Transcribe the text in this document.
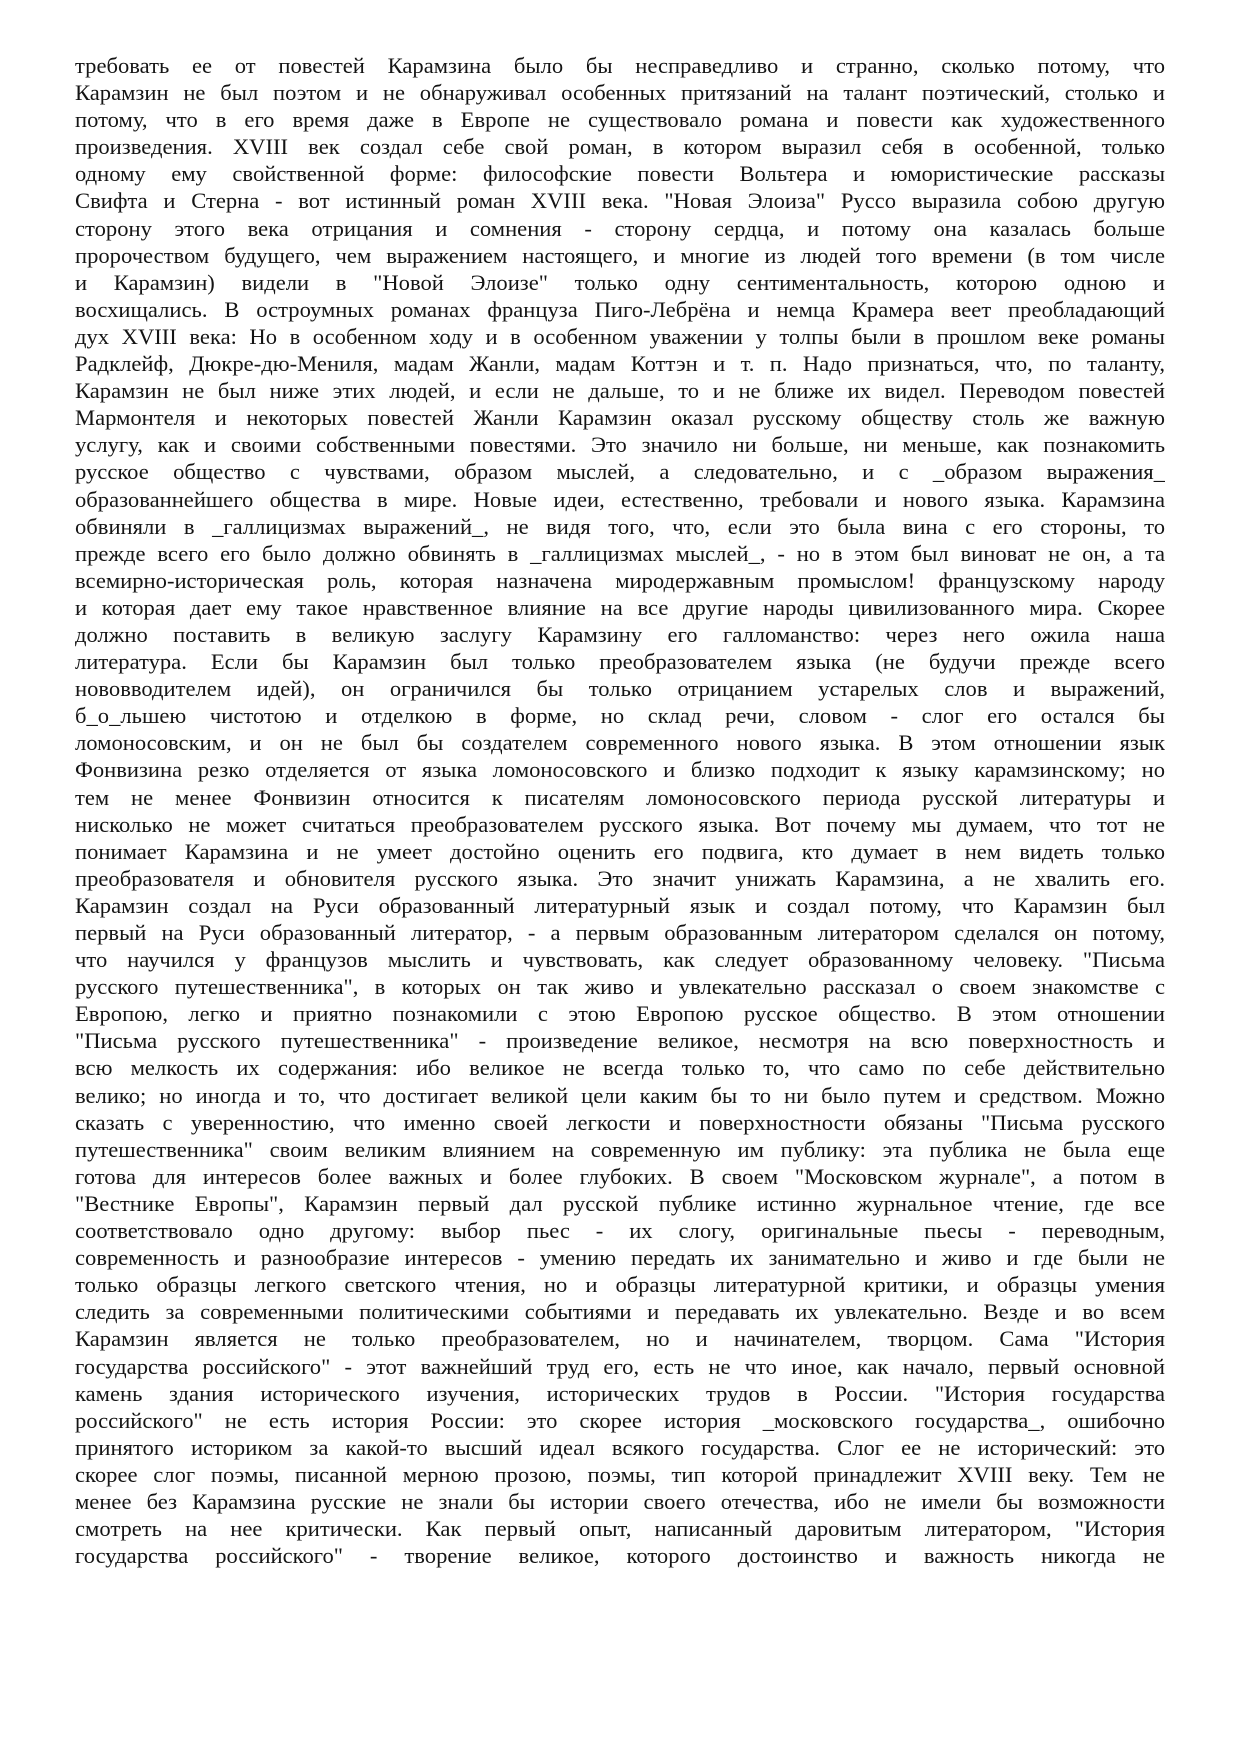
требовать ее от повестей Карамзина было бы несправедливо и странно, сколько потому, что
Карамзин не был поэтом и не обнаруживал особенных притязаний на талант поэтический, столько и
потому, что в его время даже в Европе не существовало романа и повести как художественного
произведения. XVIII век создал себе свой роман, в котором выразил себя в особенной, только
одному ему свойственной форме: философские повести Вольтера и юмористические рассказы
Свифта и Стерна - вот истинный роман XVIII века. "Новая Элоиза" Руссо выразила собою другую
сторону этого века отрицания и сомнения - сторону сердца, и потому она казалась больше
пророчеством будущего, чем выражением настоящего, и многие из людей того времени (в том числе
и Карамзин) видели в "Новой Элоизе" только одну сентиментальность, которою одною и
восхищались. В остроумных романах француза Пиго-Лебрёна и немца Крамера веет преобладающий
дух XVIII века: Но в особенном ходу и в особенном уважении у толпы были в прошлом веке романы
Радклейф, Дюкре-дю-Мениля, мадам Жанли, мадам Коттэн и т. п. Надо признаться, что, по таланту,
Карамзин не был ниже этих людей, и если не дальше, то и не ближе их видел. Переводом повестей
Мармонтеля и некоторых повестей Жанли Карамзин оказал русскому обществу столь же важную
услугу, как и своими собственными повестями. Это значило ни больше, ни меньше, как познакомить
русское общество с чувствами, образом мыслей, а следовательно, и с _образом выражения_
образованнейшего общества в мире. Новые идеи, естественно, требовали и нового языка. Карамзина
обвиняли в _галлицизмах выражений_, не видя того, что, если это была вина с его стороны, то
прежде всего его было должно обвинять в _галлицизмах мыслей_, - но в этом был виноват не он, а та
всемирно-историческая роль, которая назначена миродержавным промыслом! французскому народу
и которая дает ему такое нравственное влияние на все другие народы цивилизованного мира. Скорее
должно поставить в великую заслугу Карамзину его галломанство: через него ожила наша
литература. Если бы Карамзин был только преобразователем языка (не будучи прежде всего
нововводителем идей), он ограничился бы только отрицанием устарелых слов и выражений,
б_о_льшею чистотою и отделкою в форме, но склад речи, словом - слог его остался бы
ломоносовским, и он не был бы создателем современного нового языка. В этом отношении язык
Фонвизина резко отделяется от языка ломоносовского и близко подходит к языку карамзинскому; но
тем не менее Фонвизин относится к писателям ломоносовского периода русской литературы и
нисколько не может считаться преобразователем русского языка. Вот почему мы думаем, что тот не
понимает Карамзина и не умеет достойно оценить его подвига, кто думает в нем видеть только
преобразователя и обновителя русского языка. Это значит унижать Карамзина, а не хвалить его.
Карамзин создал на Руси образованный литературный язык и создал потому, что Карамзин был
первый на Руси образованный литератор, - а первым образованным литератором сделался он потому,
что научился у французов мыслить и чувствовать, как следует образованному человеку. "Письма
русского путешественника", в которых он так живо и увлекательно рассказал о своем знакомстве с
Европою, легко и приятно познакомили с этою Европою русское общество. В этом отношении
"Письма русского путешественника" - произведение великое, несмотря на всю поверхностность и
всю мелкость их содержания: ибо великое не всегда только то, что само по себе действительно
велико; но иногда и то, что достигает великой цели каким бы то ни было путем и средством. Можно
сказать с уверенностию, что именно своей легкости и поверхностности обязаны "Письма русского
путешественника" своим великим влиянием на современную им публику: эта публика не была еще
готова для интересов более важных и более глубоких. В своем "Московском журнале", а потом в
"Вестнике Европы", Карамзин первый дал русской публике истинно журнальное чтение, где все
соответствовало одно другому: выбор пьес - их слогу, оригинальные пьесы - переводным,
современность и разнообразие интересов - умению передать их занимательно и живо и где были не
только образцы легкого светского чтения, но и образцы литературной критики, и образцы умения
следить за современными политическими событиями и передавать их увлекательно. Везде и во всем
Карамзин является не только преобразователем, но и начинателем, творцом. Сама "История
государства российского" - этот важнейший труд его, есть не что иное, как начало, первый основной
камень здания исторического изучения, исторических трудов в России. "История государства
российского" не есть история России: это скорее история _московского государства_, ошибочно
принятого историком за какой-то высший идеал всякого государства. Слог ее не исторический: это
скорее слог поэмы, писанной мерною прозою, поэмы, тип которой принадлежит XVIII веку. Тем не
менее без Карамзина русские не знали бы истории своего отечества, ибо не имели бы возможности
смотреть на нее критически. Как первый опыт, написанный даровитым литератором, "История
государства российского" - творение великое, которого достоинство и важность никогда не
